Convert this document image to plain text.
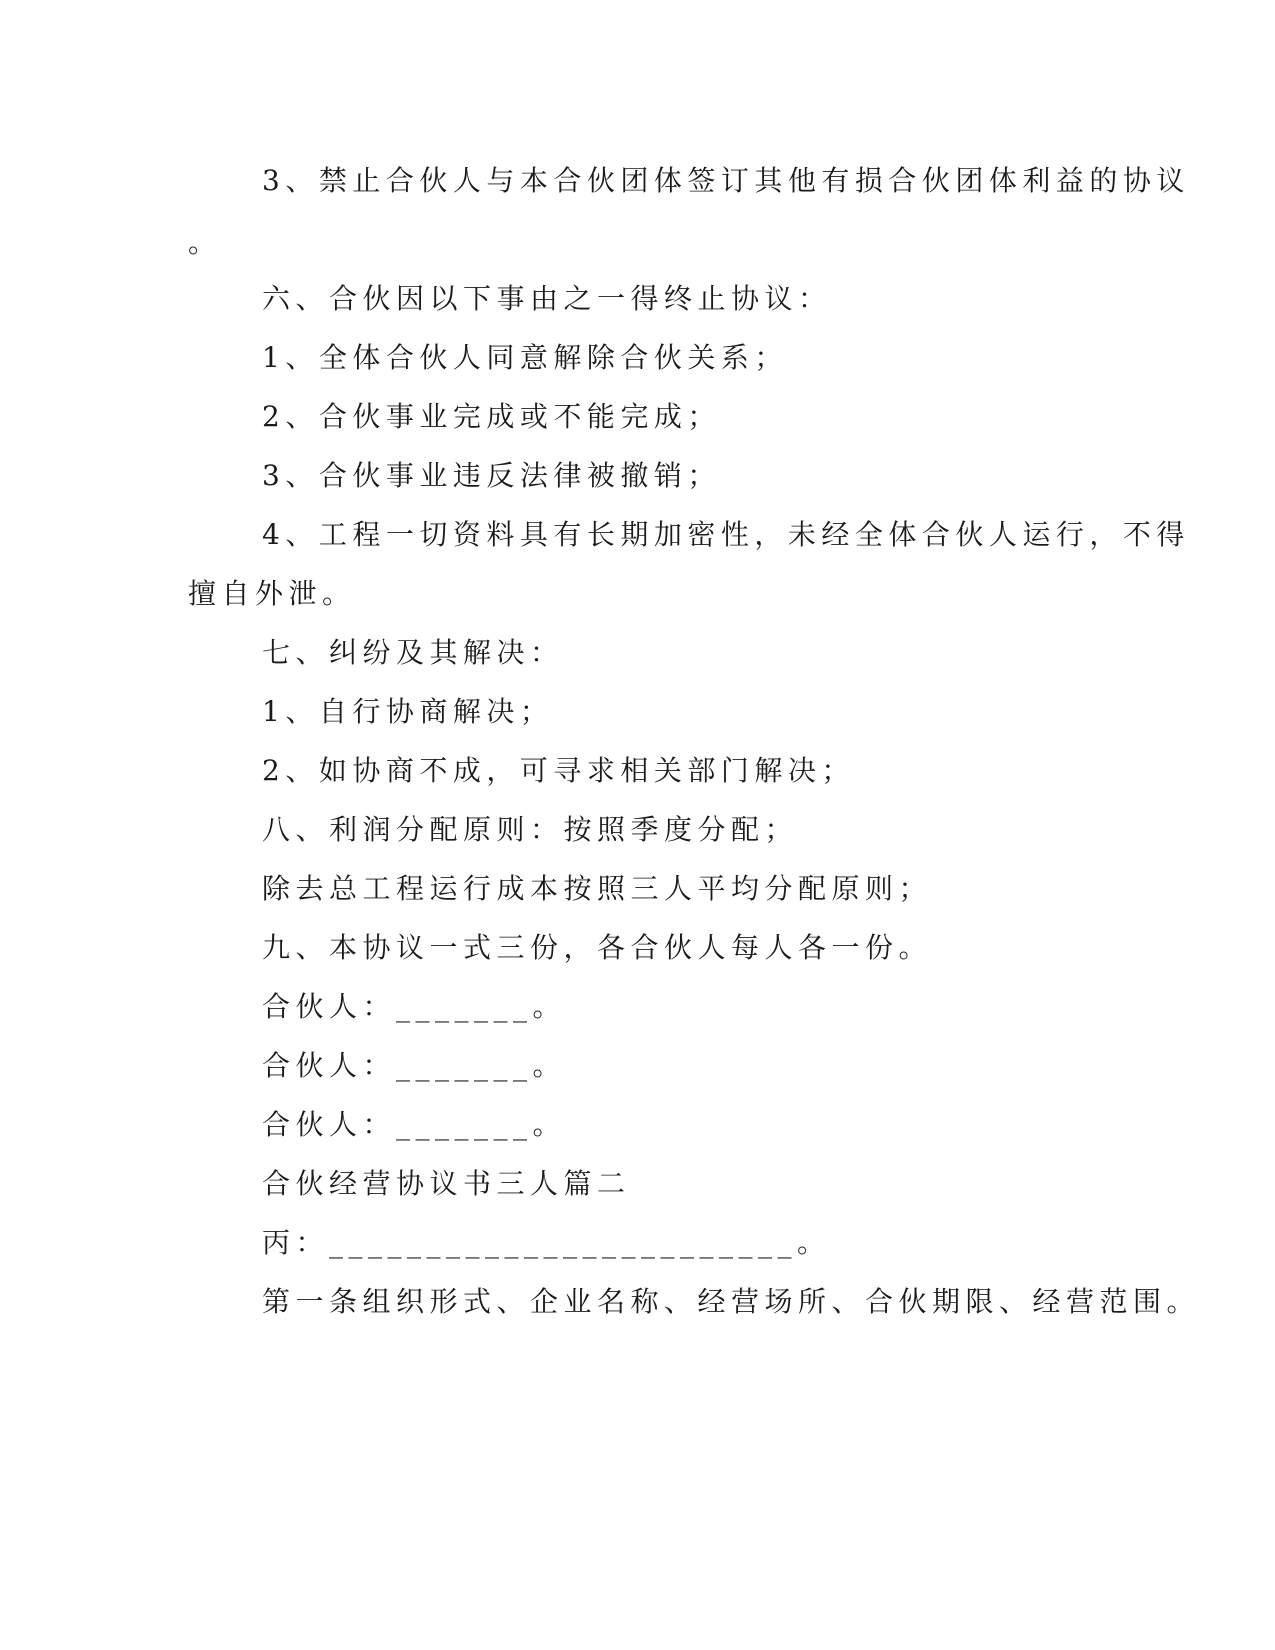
3、禁止合伙人与本合伙团体签订其他有损合伙团体利益的协议
。
六、合伙因以下事由之一得终止协议：
1、全体合伙人同意解除合伙关系；
2、合伙事业完成或不能完成；
3、合伙事业违反法律被撤销；
4、工程一切资料具有长期加密性，未经全体合伙人运行，不得
擅自外泄。
七、纠纷及其解决：
1、自行协商解决；
2、如协商不成，可寻求相关部门解决；
八、利润分配原则：按照季度分配；
除去总工程运行成本按照三人平均分配原则；
九、本协议一式三份，各合伙人每人各一份。
合伙人：_______。
合伙人：_______。
合伙人：_______。
合伙经营协议书三人篇二
丙：________________________。
第一条组织形式、企业名称、经营场所、合伙期限、经营范围。
